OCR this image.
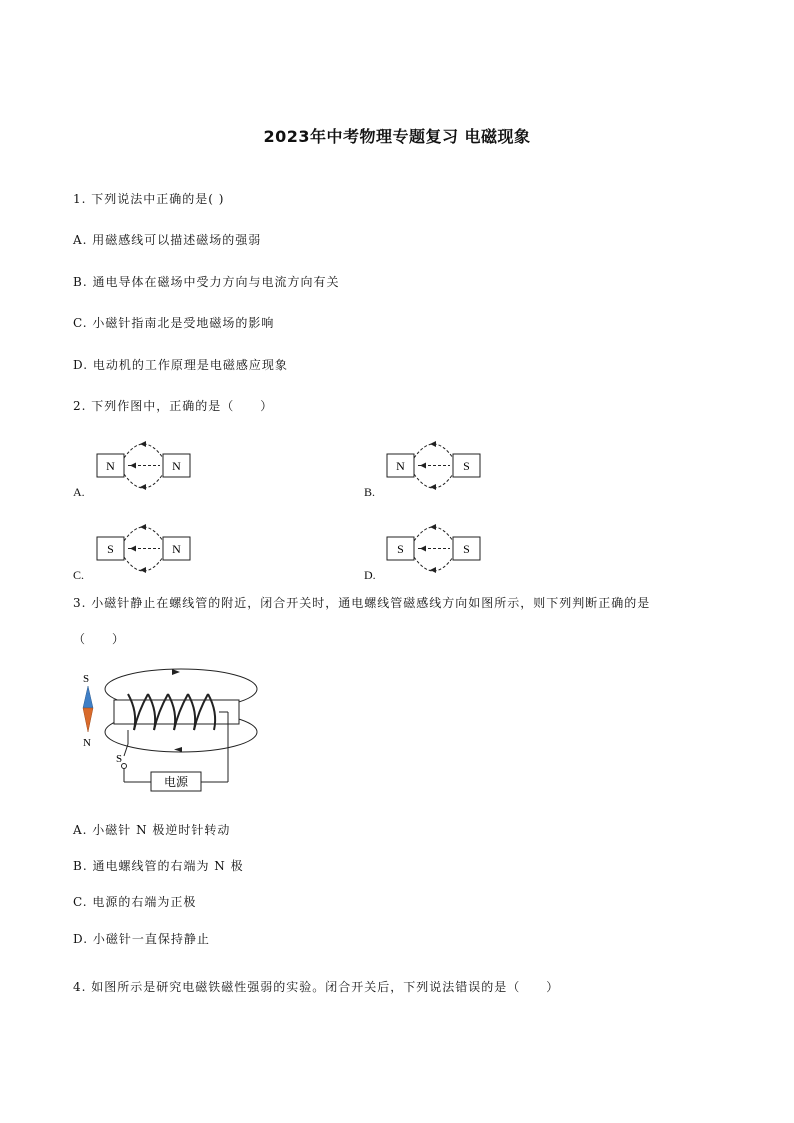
2023年中考物理专题复习 电磁现象
1. 下列说法中正确的是( )
A. 用磁感线可以描述磁场的强弱
B. 通电导体在磁场中受力方向与电流方向有关
C. 小磁针指南北是受地磁场的影响
D. 电动机的工作原理是电磁感应现象
2. 下列作图中，正确的是（　　）
N	N
A.
N	S
B.
S	N
C.
S	S
D.
3. 小磁针静止在螺线管的附近，闭合开关时，通电螺线管磁感线方向如图所示，则下列判断正确的是
（　　）
电源
S
S
N
A. 小磁针 N 极逆时针转动
B. 通电螺线管的右端为 N 极
C. 电源的右端为正极
D. 小磁针一直保持静止
4. 如图所示是研究电磁铁磁性强弱的实验。闭合开关后，下列说法错误的是（　　）
